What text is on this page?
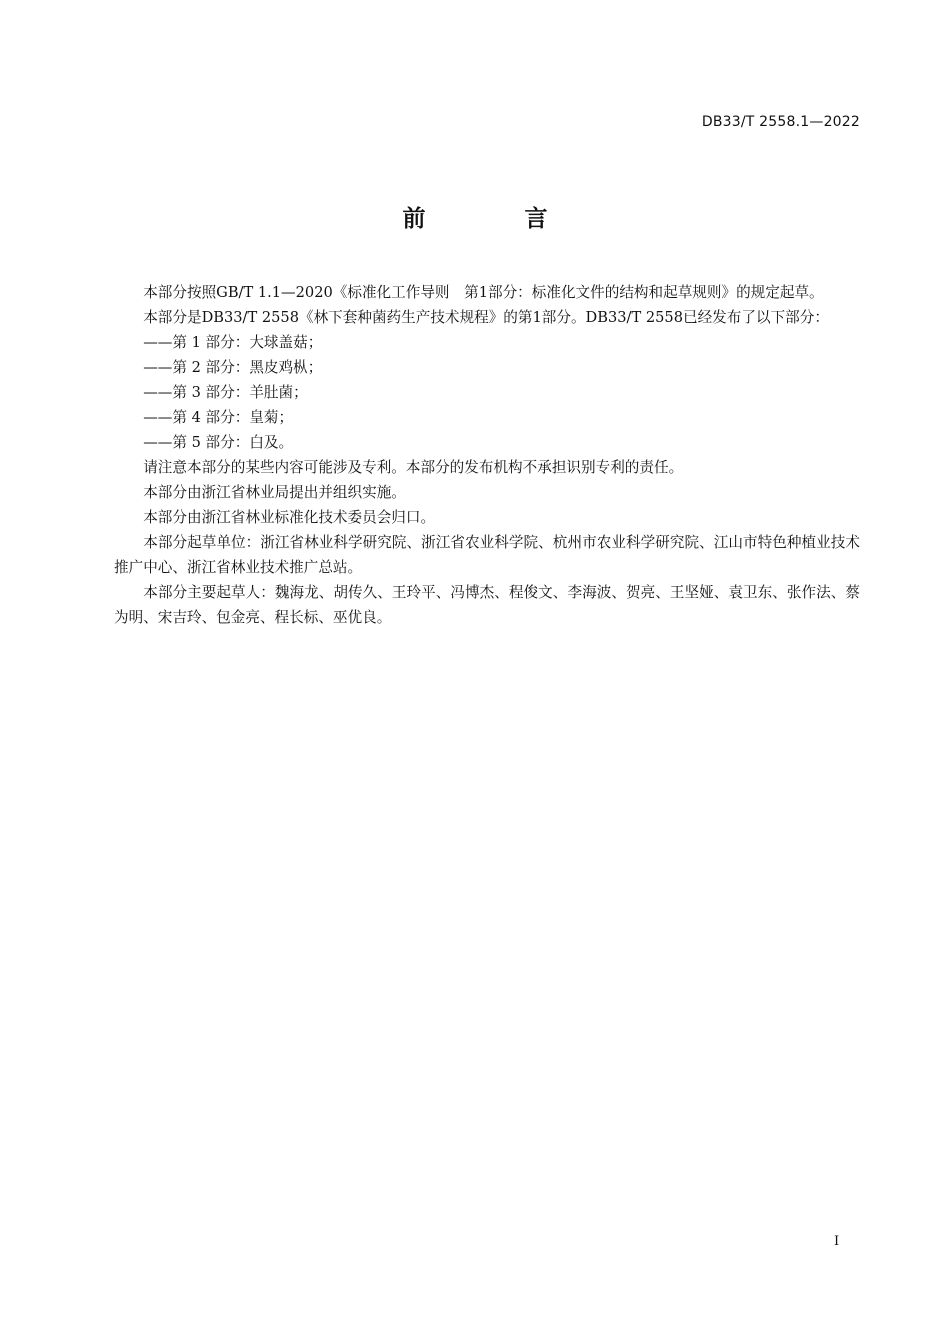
DB33/T 2558.1—2022
前　言

本部分按照GB/T 1.1—2020《标准化工作导则　第1部分：标准化文件的结构和起草规则》的规定起草。

本部分是DB33/T 2558《林下套种菌药生产技术规程》的第1部分。DB33/T 2558已经发布了以下部分：

——第 1 部分：大球盖菇；

——第 2 部分：黑皮鸡枞；

——第 3 部分：羊肚菌；

——第 4 部分：皇菊；

——第 5 部分：白及。

请注意本部分的某些内容可能涉及专利。本部分的发布机构不承担识别专利的责任。

本部分由浙江省林业局提出并组织实施。

本部分由浙江省林业标准化技术委员会归口。

本部分起草单位：浙江省林业科学研究院、浙江省农业科学院、杭州市农业科学研究院、江山市特色种植业技术推广中心、浙江省林业技术推广总站。

本部分主要起草人：魏海龙、胡传久、王玲平、冯博杰、程俊文、李海波、贺亮、王坚娅、袁卫东、张作法、蔡为明、宋吉玲、包金亮、程长标、巫优良。

I
